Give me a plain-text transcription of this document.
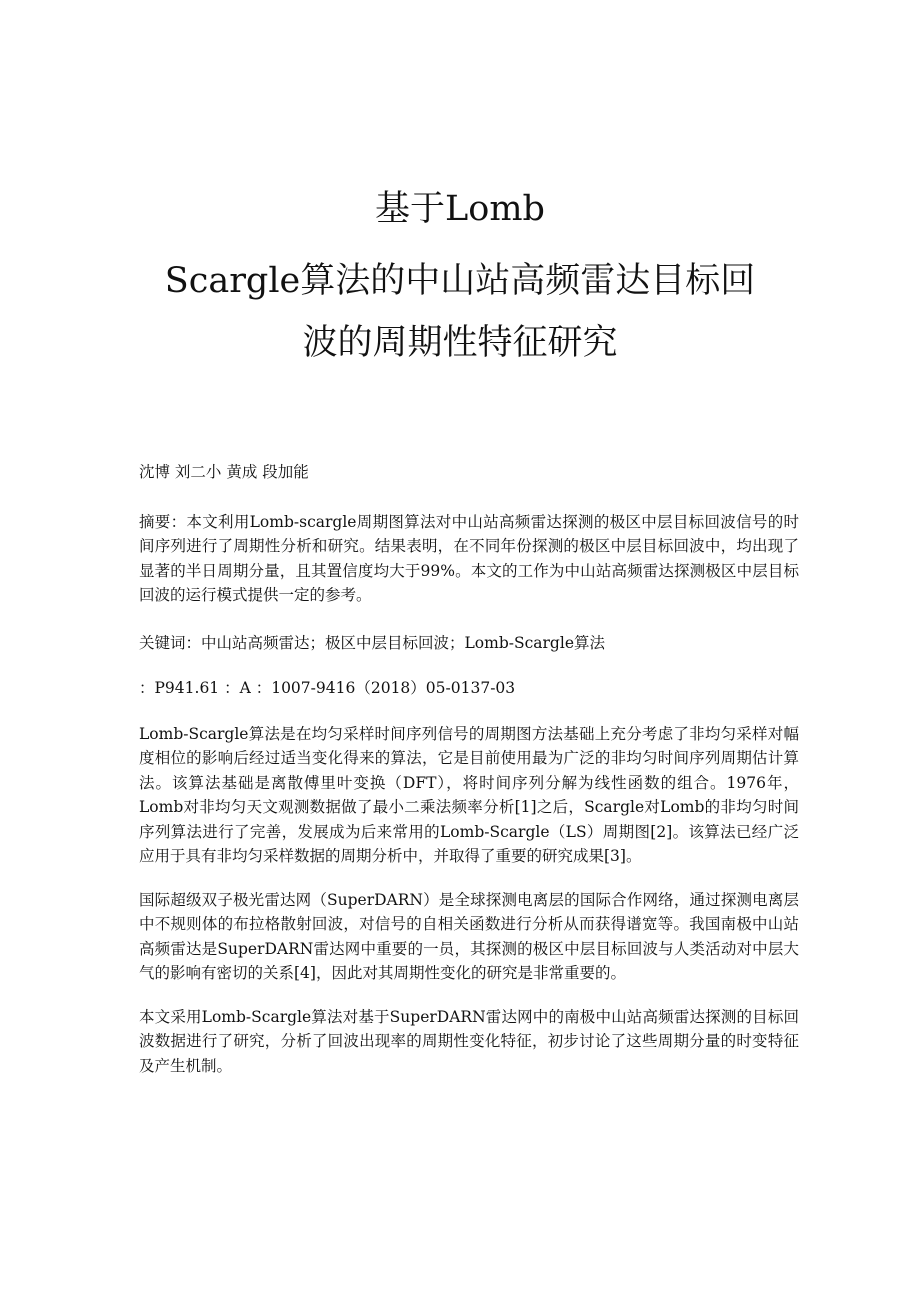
基于Lomb
Scargle算法的中山站高频雷达目标回
波的周期性特征研究

沈博 刘二小 黄成 段加能

摘要：本文利用Lomb-scargle周期图算法对中山站高频雷达探测的极区中层目标回波信号的时间序列进行了周期性分析和研究。结果表明，在不同年份探测的极区中层目标回波中，均出现了显著的半日周期分量，且其置信度均大于99%。本文的工作为中山站高频雷达探测极区中层目标回波的运行模式提供一定的参考。

关键词：中山站高频雷达；极区中层目标回波；Lomb-Scargle算法

：P941.61 ：A ：1007-9416（2018）05-0137-03

Lomb-Scargle算法是在均匀采样时间序列信号的周期图方法基础上充分考虑了非均匀采样对幅度相位的影响后经过适当变化得来的算法，它是目前使用最为广泛的非均匀时间序列周期估计算法。该算法基础是离散傅里叶变换（DFT），将时间序列分解为线性函数的组合。1976年，Lomb对非均匀天文观测数据做了最小二乘法频率分析[1]之后，Scargle对Lomb的非均匀时间序列算法进行了完善，发展成为后来常用的Lomb-Scargle（LS）周期图[2]。该算法已经广泛应用于具有非均匀采样数据的周期分析中，并取得了重要的研究成果[3]。

国际超级双子极光雷达网（SuperDARN）是全球探测电离层的国际合作网络，通过探测电离层中不规则体的布拉格散射回波，对信号的自相关函数进行分析从而获得谱宽等。我国南极中山站高频雷达是SuperDARN雷达网中重要的一员，其探测的极区中层目标回波与人类活动对中层大气的影响有密切的关系[4]，因此对其周期性变化的研究是非常重要的。

本文采用Lomb-Scargle算法对基于SuperDARN雷达网中的南极中山站高频雷达探测的目标回波数据进行了研究，分析了回波出现率的周期性变化特征，初步讨论了这些周期分量的时变特征及产生机制。
